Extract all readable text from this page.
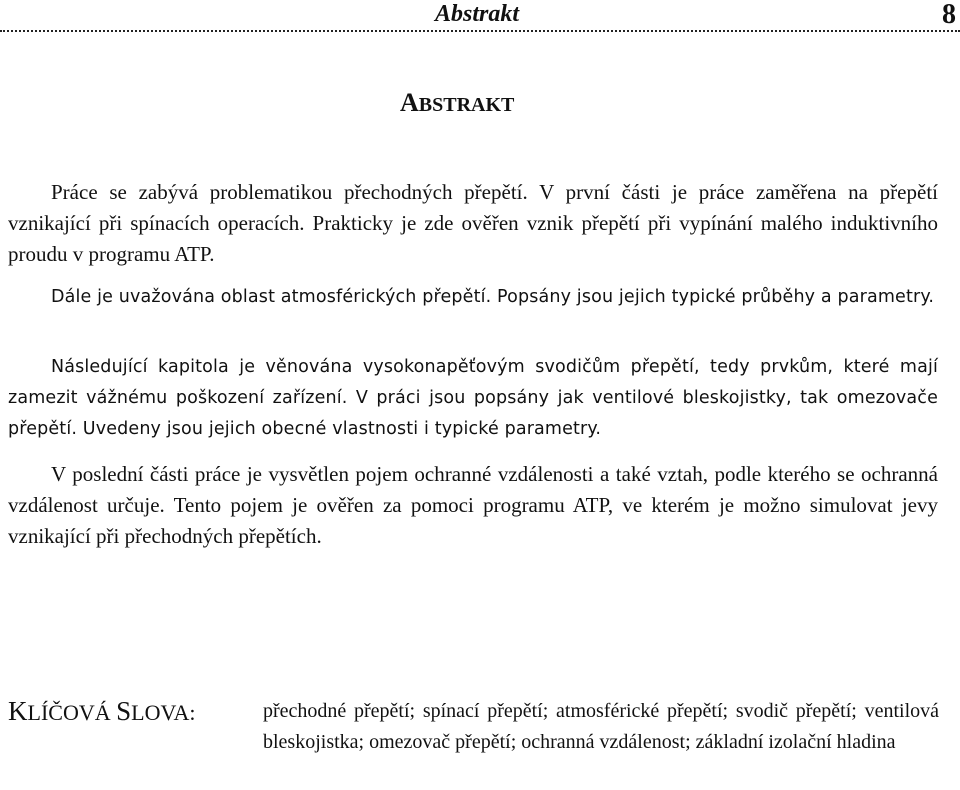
Abstrakt	8
ABSTRAKT

Práce se zabývá problematikou přechodných přepětí. V první části je práce zaměřena na přepětí vznikající při spínacích operacích. Prakticky je zde ověřen vznik přepětí při vypínání malého induktivního proudu v programu ATP.

Dále je uvažována oblast atmosférických přepětí. Popsány jsou jejich typické průběhy a parametry.

Následující kapitola je věnována vysokonapěťovým svodičům přepětí, tedy prvkům, které mají zamezit vážnému poškození zařízení. V práci jsou popsány jak ventilové bleskojistky, tak omezovače přepětí. Uvedeny jsou jejich obecné vlastnosti i typické parametry.

V poslední části práce je vysvětlen pojem ochranné vzdálenosti a také vztah, podle kterého se ochranná vzdálenost určuje. Tento pojem je ověřen za pomoci programu ATP, ve kterém je možno simulovat jevy vznikající při přechodných přepětích.

KLÍČOVÁ SLOVA:	přechodné přepětí; spínací přepětí; atmosférické přepětí; svodič přepětí; ventilová bleskojistka; omezovač přepětí; ochranná vzdálenost; základní izolační hladina
